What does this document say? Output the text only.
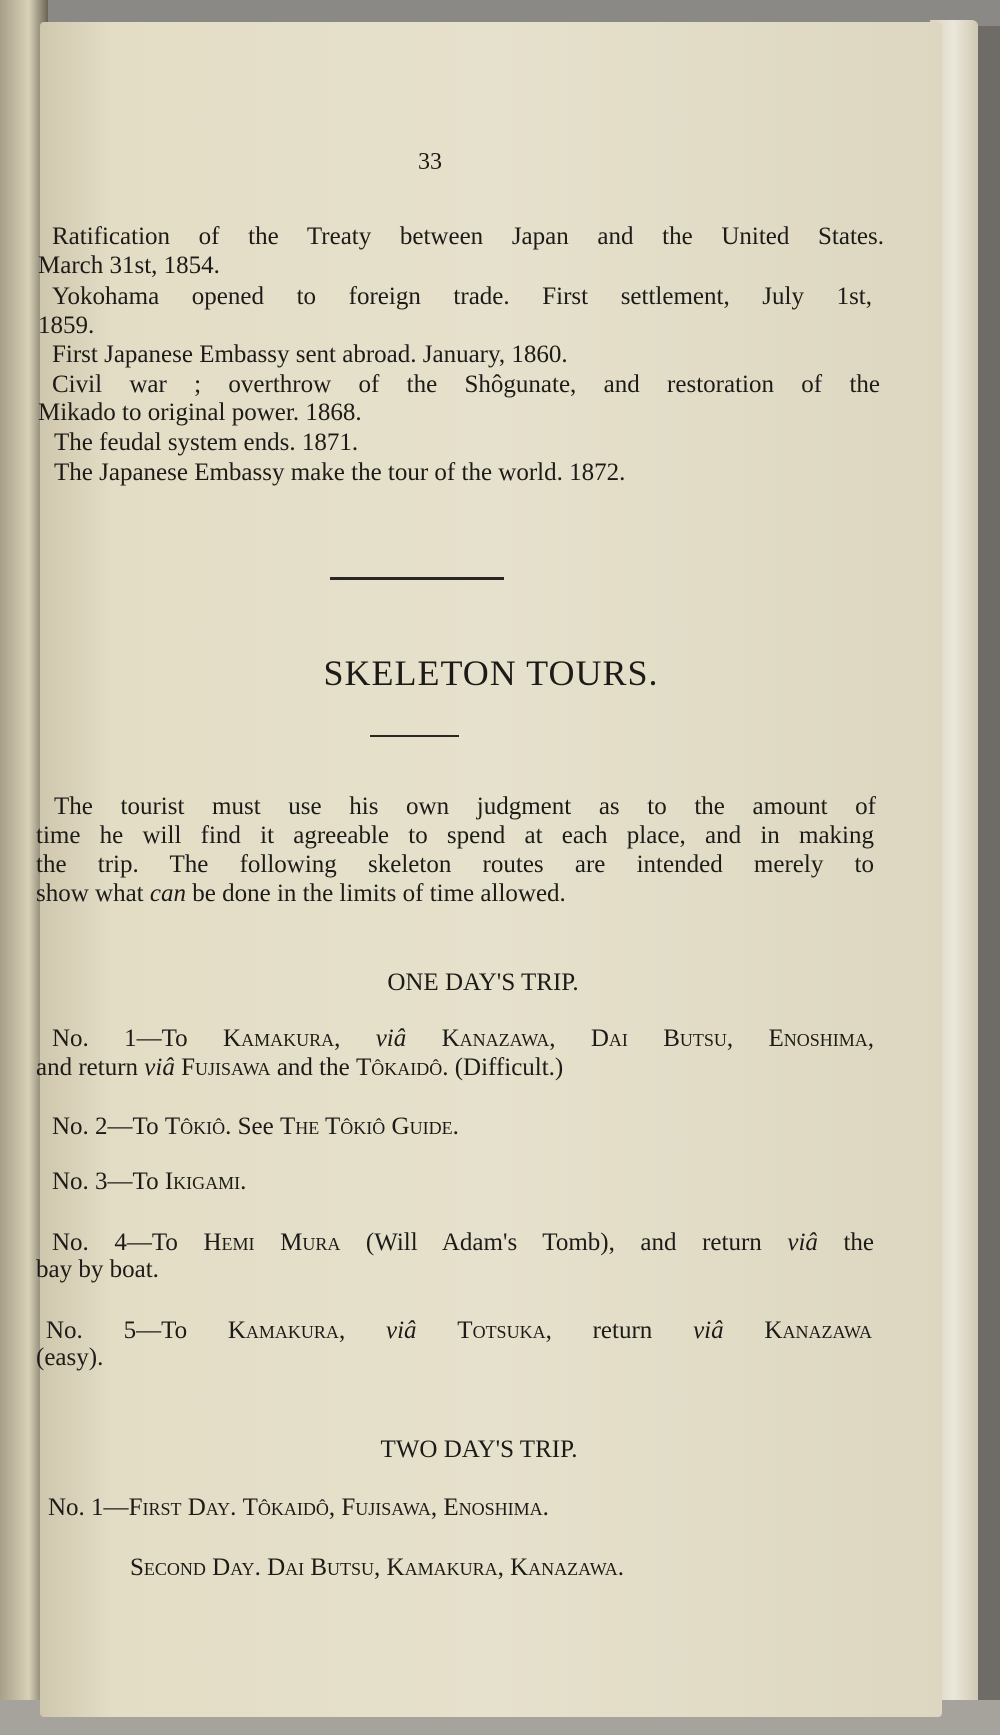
33
Ratification of the Treaty between Japan and the United States.
March 31st, 1854.
Yokohama opened to foreign trade. First settlement, July 1st,
1859.
First Japanese Embassy sent abroad. January, 1860.
Civil war ; overthrow of the Shôgunate, and restoration of the
Mikado to original power. 1868.
The feudal system ends. 1871.
The Japanese Embassy make the tour of the world. 1872.
SKELETON TOURS.
The tourist must use his own judgment as to the amount of
time he will find it agreeable to spend at each place, and in making
the trip. The following skeleton routes are intended merely to
show what can be done in the limits of time allowed.
ONE DAY'S TRIP.
No. 1—To Kamakura, viâ Kanazawa, Dai Butsu, Enoshima,
and return viâ Fujisawa and the Tôkaidô. (Difficult.)
No. 2—To Tôkiô. See The Tôkiô Guide.
No. 3—To Ikigami.
No. 4—To Hemi Mura (Will Adam's Tomb), and return viâ the
bay by boat.
No. 5—To Kamakura, viâ Totsuka, return viâ Kanazawa
(easy).
TWO DAY'S TRIP.
No. 1—First Day. Tôkaidô, Fujisawa, Enoshima.
Second Day. Dai Butsu, Kamakura, Kanazawa.
